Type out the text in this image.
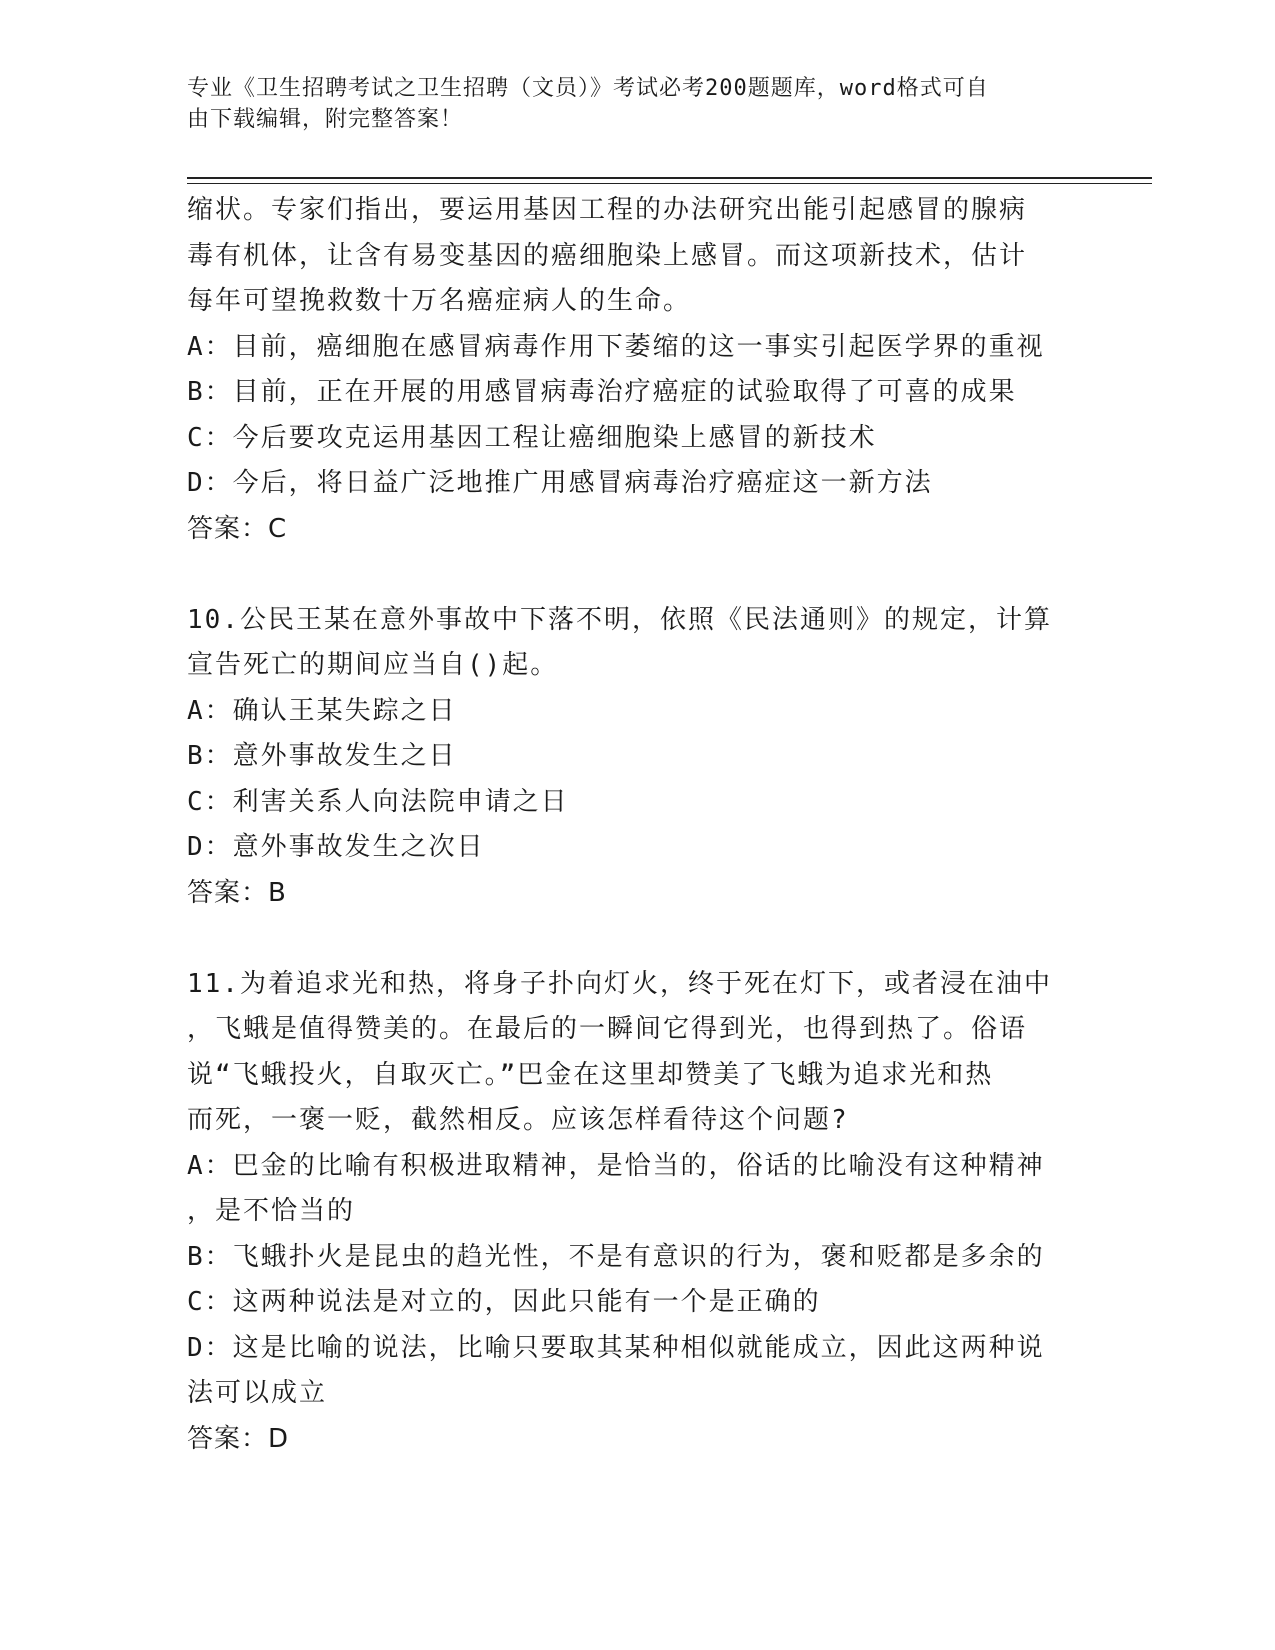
专业《卫生招聘考试之卫生招聘（文员）》考试必考200题题库，word格式可自
由下载编辑，附完整答案！

缩状。专家们指出，要运用基因工程的办法研究出能引起感冒的腺病

毒有机体，让含有易变基因的癌细胞染上感冒。而这项新技术，估计

每年可望挽救数十万名癌症病人的生命。

A：目前，癌细胞在感冒病毒作用下萎缩的这一事实引起医学界的重视

B：目前，正在开展的用感冒病毒治疗癌症的试验取得了可喜的成果

C：今后要攻克运用基因工程让癌细胞染上感冒的新技术

D：今后，将日益广泛地推广用感冒病毒治疗癌症这一新方法

答案：C

10.公民王某在意外事故中下落不明，依照《民法通则》的规定，计算

宣告死亡的期间应当自()起。

A：确认王某失踪之日

B：意外事故发生之日

C：利害关系人向法院申请之日

D：意外事故发生之次日

答案：B

11.为着追求光和热，将身子扑向灯火，终于死在灯下，或者浸在油中

，飞蛾是值得赞美的。在最后的一瞬间它得到光，也得到热了。俗语

说“飞蛾投火，自取灭亡。”巴金在这里却赞美了飞蛾为追求光和热

而死，一褒一贬，截然相反。应该怎样看待这个问题?

A：巴金的比喻有积极进取精神，是恰当的，俗话的比喻没有这种精神

，是不恰当的

B：飞蛾扑火是昆虫的趋光性，不是有意识的行为，褒和贬都是多余的

C：这两种说法是对立的，因此只能有一个是正确的

D：这是比喻的说法，比喻只要取其某种相似就能成立，因此这两种说

法可以成立

答案：D
